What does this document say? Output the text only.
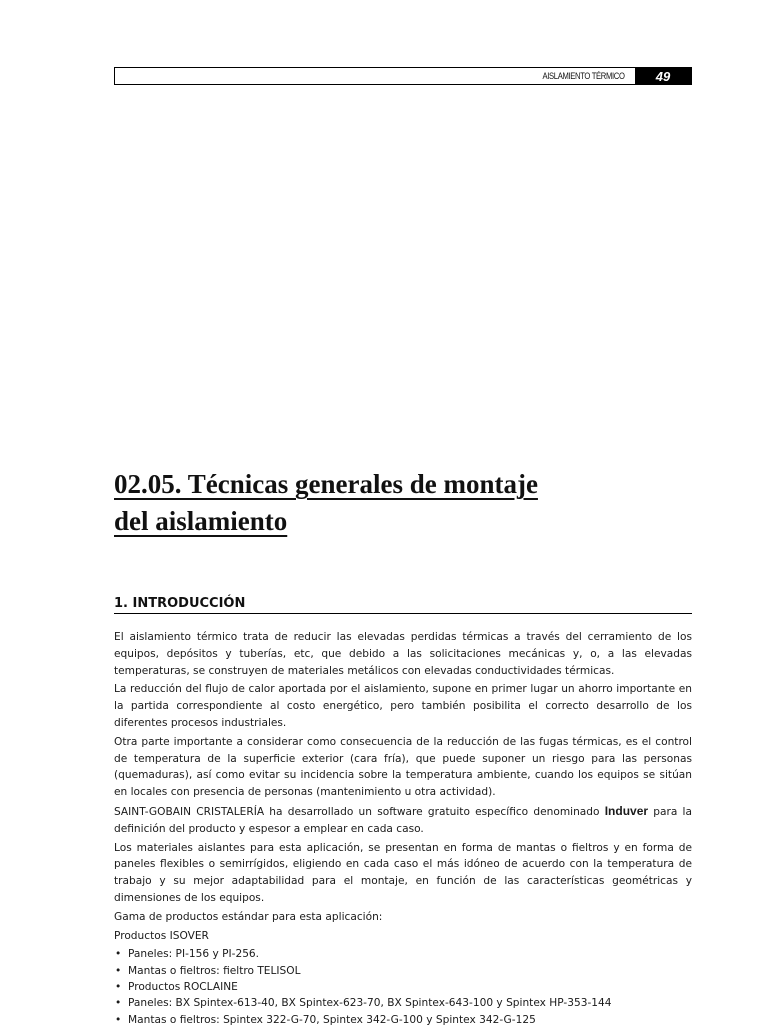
AISLAMIENTO TÉRMICO	49
02.05. Técnicas generales de montaje
del aislamiento
1. INTRODUCCIÓN

El aislamiento térmico trata de reducir las elevadas perdidas térmicas a través del cerramiento de los equipos, depósitos y tuberías, etc, que debido a las solicitaciones mecánicas y, o, a las elevadas temperaturas, se construyen de materiales metálicos con elevadas conductividades térmicas.

La reducción del flujo de calor aportada por el aislamiento, supone en primer lugar un ahorro importante en la partida correspondiente al costo energético, pero también posibilita el correcto desarrollo de los diferentes procesos industriales.

Otra parte importante a considerar como consecuencia de la reducción de las fugas térmicas, es el control de temperatura de la superficie exterior (cara fría), que puede suponer un riesgo para las personas (quemaduras), así como evitar su incidencia sobre la temperatura ambiente, cuando los equipos se sitúan en locales con presencia de personas (mantenimiento u otra actividad).

SAINT-GOBAIN CRISTALERÍA ha desarrollado un software gratuito específico denominado Induver para la definición del producto y espesor a emplear en cada caso.

Los materiales aislantes para esta aplicación, se presentan en forma de mantas o fieltros y en forma de paneles flexibles o semirrígidos, eligiendo en cada caso el más idóneo de acuerdo con la temperatura de trabajo y su mejor adaptabilidad para el montaje, en función de las características geométricas y dimensiones de los equipos.

Gama de productos estándar para esta aplicación:

Productos ISOVER

• Paneles: PI-156 y PI-256.
• Mantas o fieltros: fieltro TELISOL
• Productos ROCLAINE
• Paneles: BX Spintex-613-40, BX Spintex-623-70, BX Spintex-643-100 y Spintex HP-353-144
• Mantas o fieltros: Spintex 322-G-70, Spintex 342-G-100 y Spintex 342-G-125
